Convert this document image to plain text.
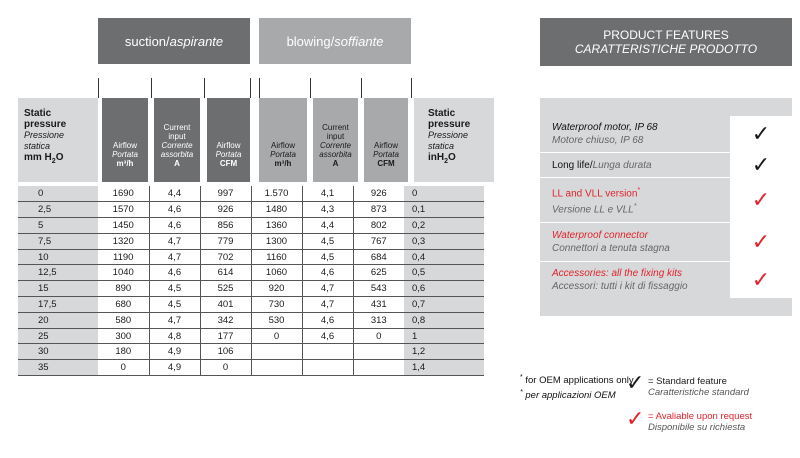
suction / aspirante	blowing / soffiante	PRODUCT FEATURES
CARATTERISTICHE PRODOTTO
Static
pressure
Pressione
statica
mm $H_2O$
Airflow
Portata
m³/h
Current
input
Corrente
assorbita
A
Airflow
Portata
CFM
Airflow
Portata
m³/h
Current
input
Corrente
assorbita
A
Airflow
Portata
CFM
Static
pressure
Pressione
statica
inH$_2$O
0	1690	4,4	997	1.570	4,1	926	0
2,5	1570	4,6	926	1480	4,3	873	0,1
5	1450	4,6	856	1360	4,4	802	0,2
7,5	1320	4,7	779	1300	4,5	767	0,3
10	1190	4,7	702	1160	4,5	684	0,4
12,5	1040	4,6	614	1060	4,6	625	0,5
15	890	4,5	525	920	4,7	543	0,6
17,5	680	4,5	401	730	4,7	431	0,7
20	580	4,7	342	530	4,6	313	0,8
25	300	4,8	177	0	4,6	0	1
30	180	4,9	106				1,2
35	0	4,9	0				1,4
Waterproof motor, IP 68
Motore chiuso, IP 68	✓
Long life / Lunga durata	✓
LL and VLL version*
Versione LL e VLL*	✓
Waterproof connector
Connettori a tenuta stagna	✓
Accessories: all the fixing kits
Accessori: tutti i kit di fissaggio	✓
* for OEM applications only.
* per applicazioni OEM
✓ = Standard feature
Caratteristiche standard
✓ = Avaliable upon request
Disponibile su richiesta
